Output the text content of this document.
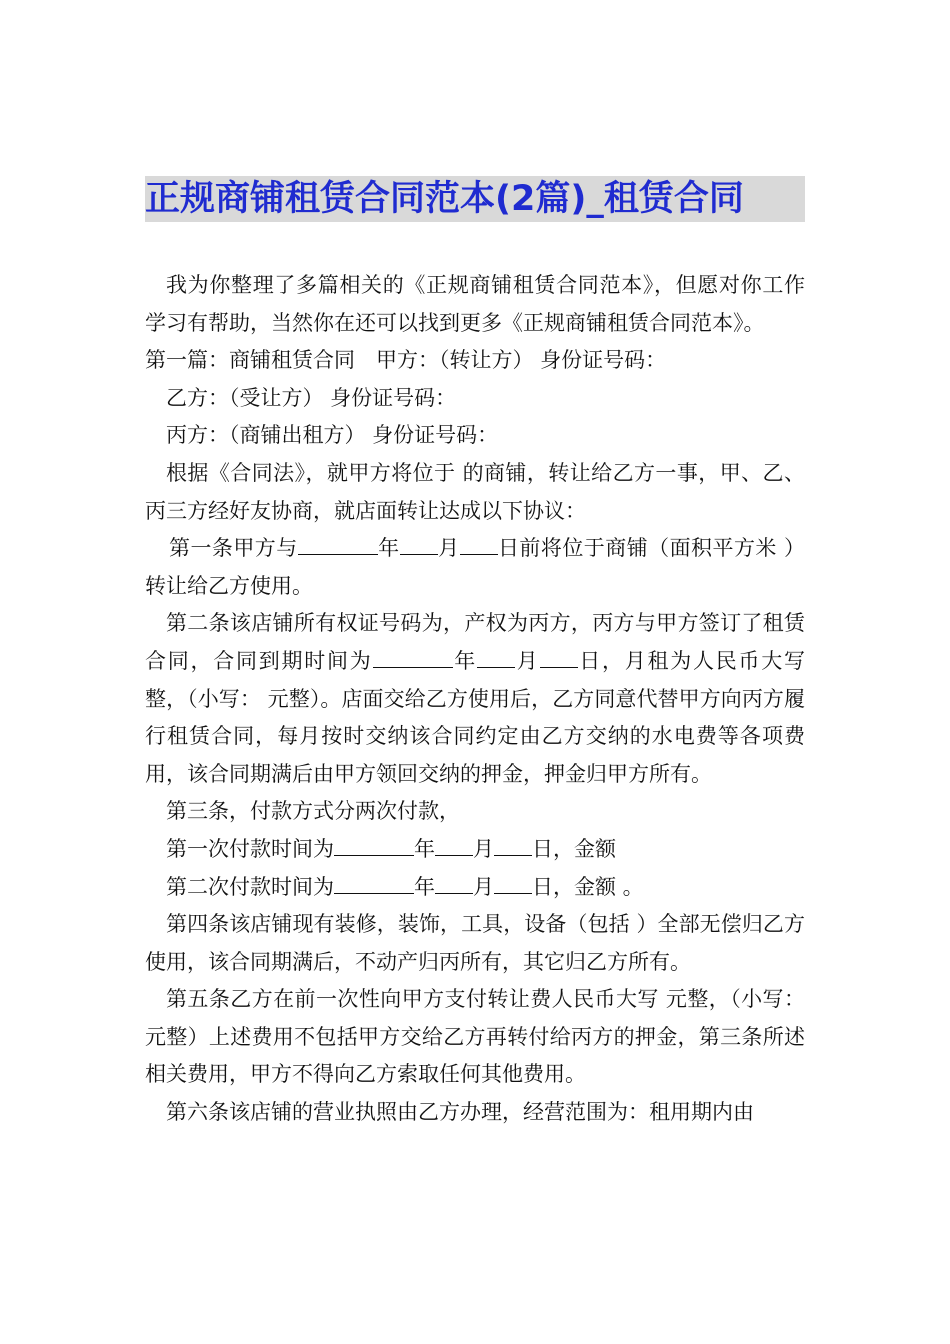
正规商铺租赁合同范本(2篇)_租赁合同

我为你整理了多篇相关的《正规商铺租赁合同范本》，但愿对你工作学习有帮助，当然你在还可以找到更多《正规商铺租赁合同范本》。

第一篇：商铺租赁合同　甲方：（转让方） 身份证号码：

乙方：（受让方） 身份证号码：

丙方：（商铺出租方） 身份证号码：

根据《合同法》，就甲方将位于 的商铺，转让给乙方一事，甲、乙、丙三方经好友协商，就店面转让达成以下协议：

第一条甲方与	年 月 日前将位于商铺（面积平方米 ）转让给乙方使用。

第二条该店铺所有权证号码为，产权为丙方，丙方与甲方签订了租赁合同，合同到期时间为	年 月 日，月租为人民币大写 整，（小写： 元整）。店面交给乙方使用后，乙方同意代替甲方向丙方履行租赁合同，每月按时交纳该合同约定由乙方交纳的水电费等各项费用，该合同期满后由甲方领回交纳的押金，押金归甲方所有。

第三条，付款方式分两次付款，

第一次付款时间为	年 月 日，金额

第二次付款时间为	年 月 日，金额 。

第四条该店铺现有装修，装饰，工具，设备（包括 ）全部无偿归乙方使用，该合同期满后，不动产归丙所有，其它归乙方所有。

第五条乙方在前一次性向甲方支付转让费人民币大写 元整，（小写： 元整）上述费用不包括甲方交给乙方再转付给丙方的押金，第三条所述相关费用，甲方不得向乙方索取任何其他费用。

第六条该店铺的营业执照由乙方办理，经营范围为：租用期内由
